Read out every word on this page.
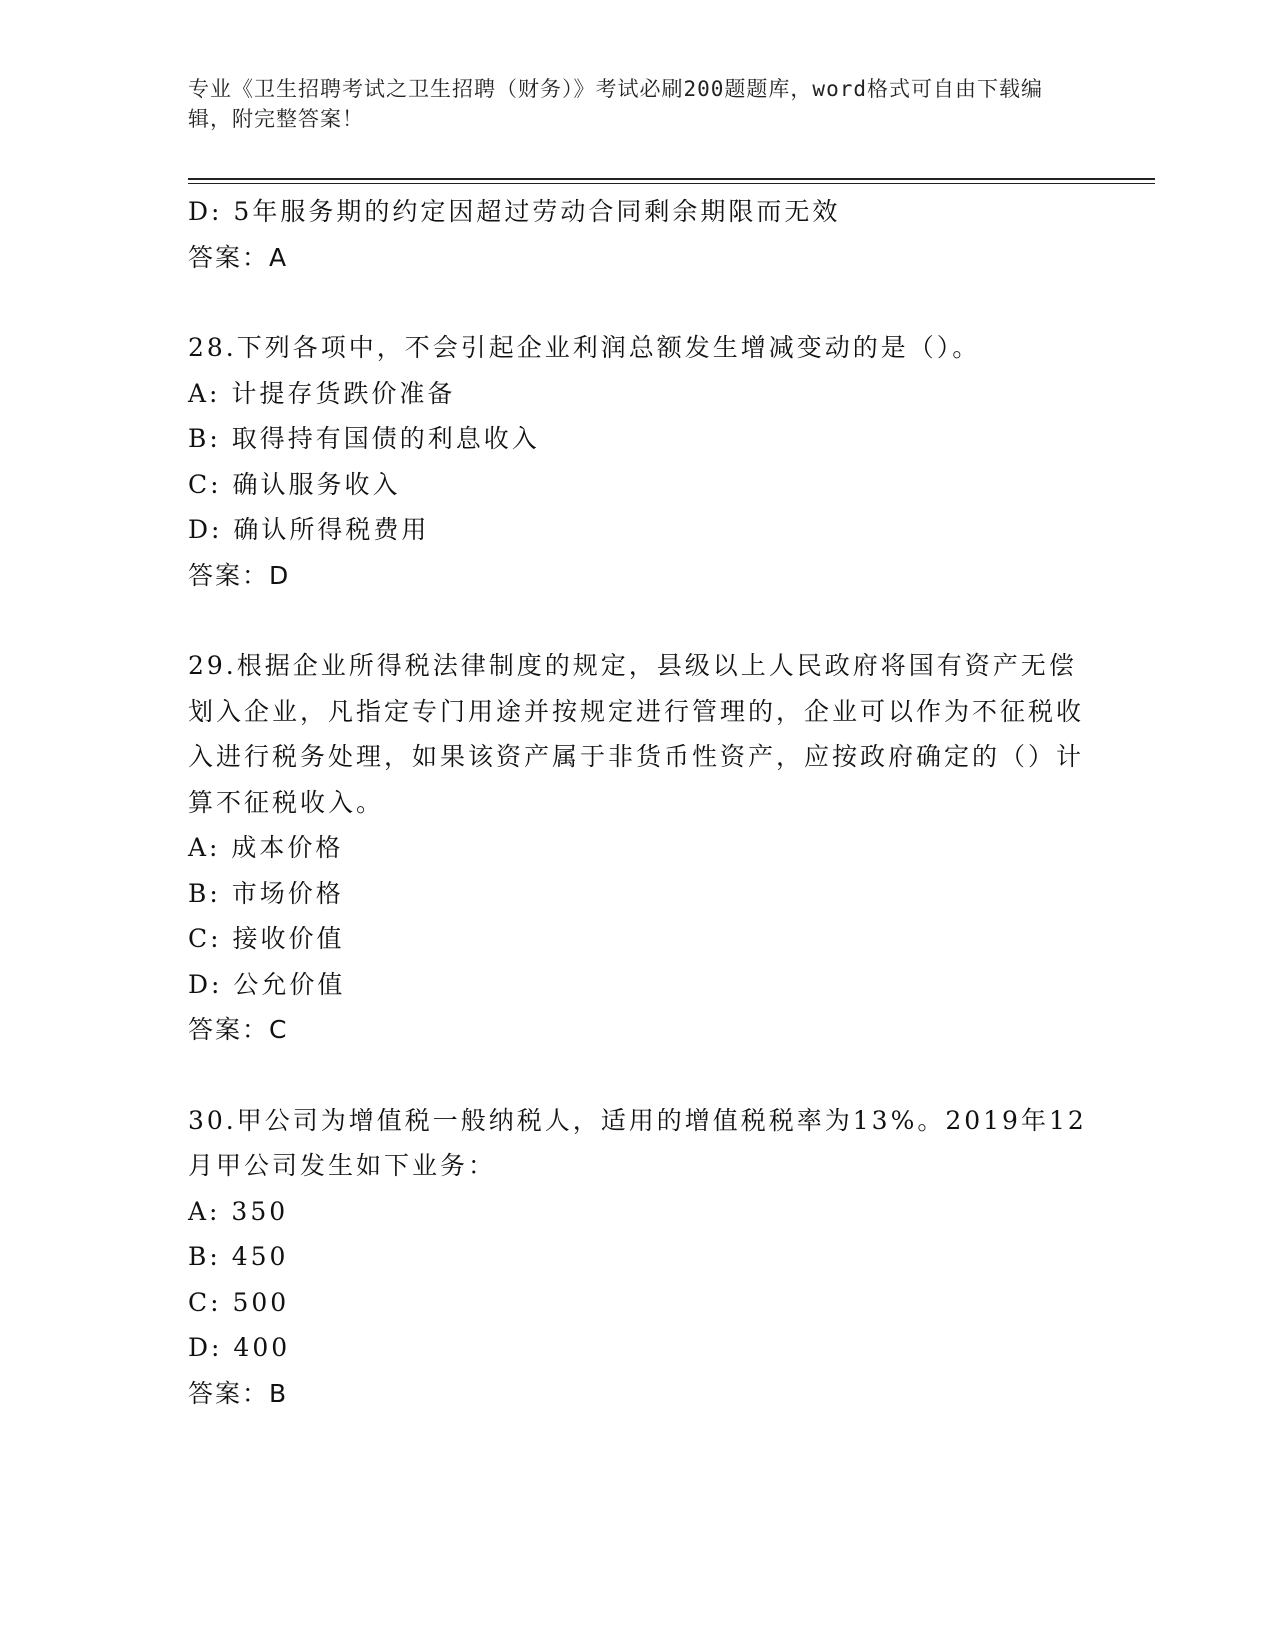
专业《卫生招聘考试之卫生招聘（财务）》考试必刷200题题库，word格式可自由下载编辑，附完整答案！
D: 5年服务期的约定因超过劳动合同剩余期限而无效
答案：A
28.下列各项中，不会引起企业利润总额发生增减变动的是（）。
A: 计提存货跌价准备
B: 取得持有国债的利息收入
C: 确认服务收入
D: 确认所得税费用
答案：D
29.根据企业所得税法律制度的规定，县级以上人民政府将国有资产无偿划入企业，凡指定专门用途并按规定进行管理的，企业可以作为不征税收入进行税务处理，如果该资产属于非货币性资产，应按政府确定的（）计算不征税收入。
A: 成本价格
B: 市场价格
C: 接收价值
D: 公允价值
答案：C
30.甲公司为增值税一般纳税人，适用的增值税税率为13%。2019年12月甲公司发生如下业务：
A: 350
B: 450
C: 500
D: 400
答案：B
